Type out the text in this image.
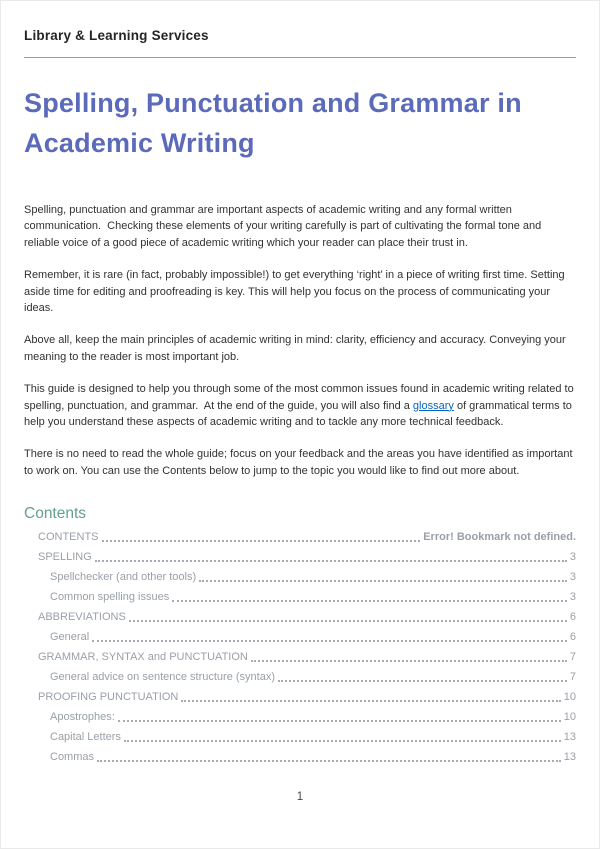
Library & Learning Services
Spelling, Punctuation and Grammar in
Academic Writing

Spelling, punctuation and grammar are important aspects of academic writing and any formal written communication.  Checking these elements of your writing carefully is part of cultivating the formal tone and reliable voice of a good piece of academic writing which your reader can place their trust in.

Remember, it is rare (in fact, probably impossible!) to get everything ‘right’ in a piece of writing first time. Setting aside time for editing and proofreading is key. This will help you focus on the process of communicating your ideas.

Above all, keep the main principles of academic writing in mind: clarity, efficiency and accuracy. Conveying your meaning to the reader is most important job.

This guide is designed to help you through some of the most common issues found in academic writing related to spelling, punctuation, and grammar.  At the end of the guide, you will also find a glossary of grammatical terms to help you understand these aspects of academic writing and to tackle any more technical feedback.

There is no need to read the whole guide; focus on your feedback and the areas you have identified as important to work on. You can use the Contents below to jump to the topic you would like to find out more about.

Contents
CONTENTS	Error! Bookmark not defined.
SPELLING	3
Spellchecker (and other tools)	3
Common spelling issues	3
ABBREVIATIONS	6
General	6
GRAMMAR, SYNTAX and PUNCTUATION	7
General advice on sentence structure (syntax)	7
PROOFING PUNCTUATION	10
Apostrophes:	10
Capital Letters	13
Commas	13
1
